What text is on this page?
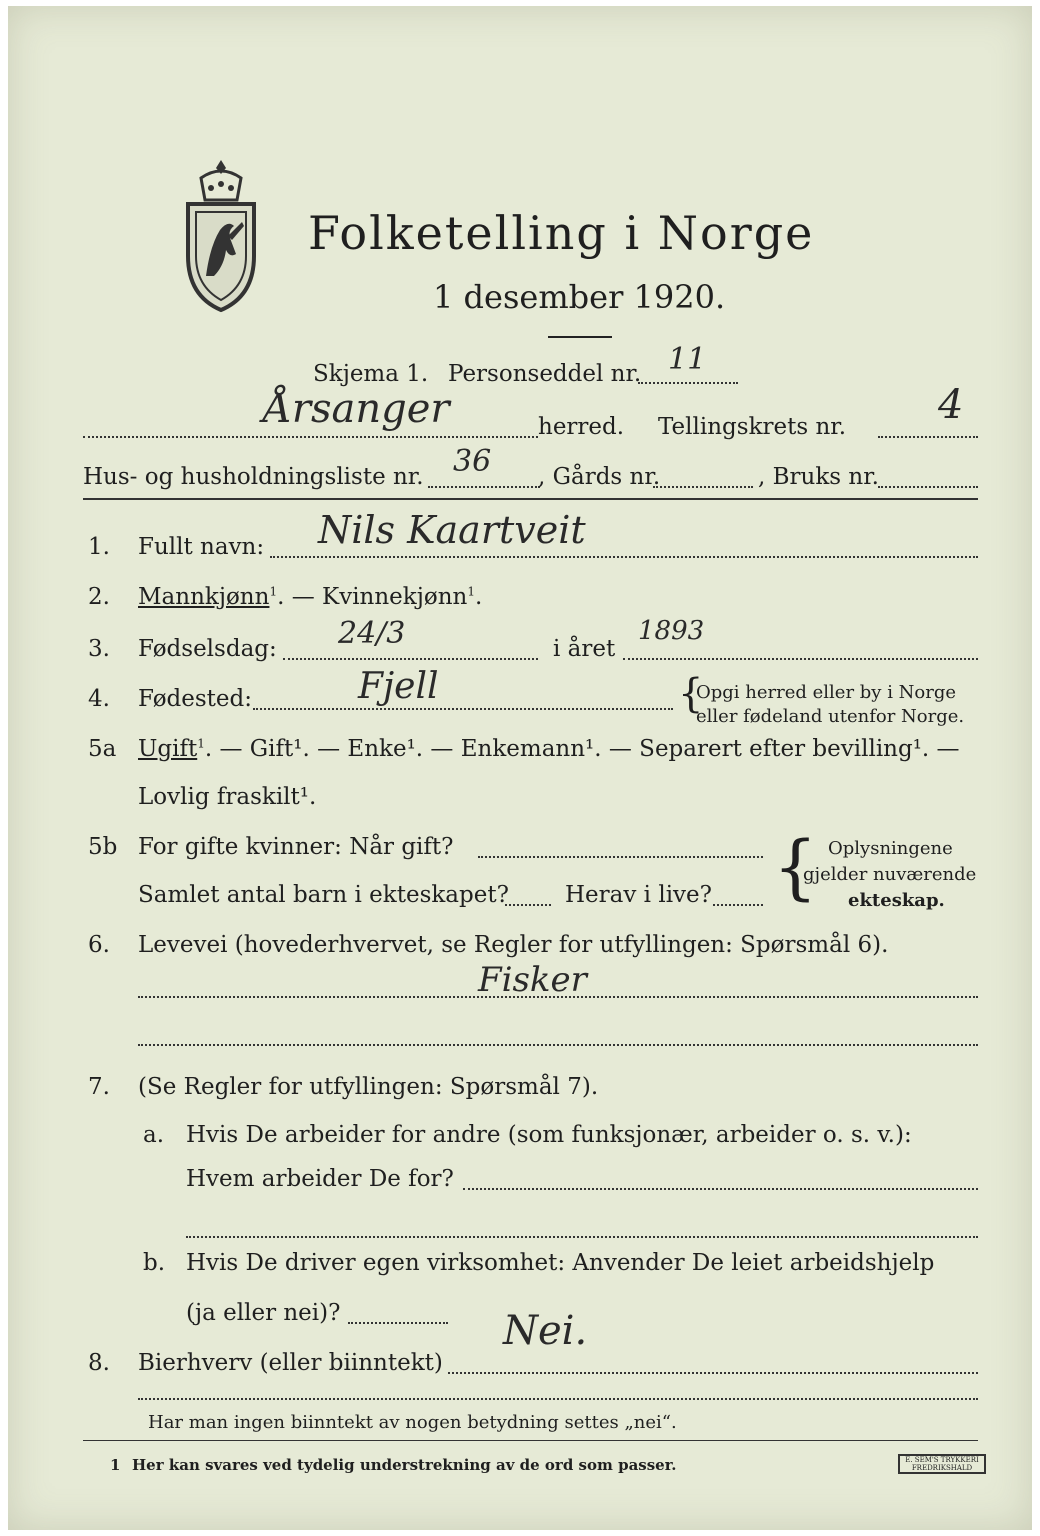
Folketelling i Norge
1 desember 1920.
Skjema 1. Personseddel nr. 11
Årsanger	herred. Tellingskrets nr. 4
Hus- og husholdningsliste nr. 36 , Gårds nr.	, Bruks nr.
1. Fullt navn: Nils Kaartveit
2. Mannkjønn$^1$. — Kvinnekjønn$^1$.
3. Fødselsdag: 24/3	i året
1893
4. Fødested:	Fjell	{
Opgi herred eller by i Norge
eller fødeland utenfor Norge.
5a Ugift$^1$. — Gift¹. — Enke¹. — Enkemann¹. — Separert efter bevilling¹. —
Lovlig fraskilt¹.
5b For gifte kvinner: Når gift?
Samlet antal barn i ekteskapet? Herav i live? { Oplysningene
gjelder nuværende
ekteskap.
6. Levevei (hovederhvervet, se Regler for utfyllingen: Spørsmål 6).
Fisker
7. (Se Regler for utfyllingen: Spørsmål 7).
a. Hvis De arbeider for andre (som funksjonær, arbeider o. s. v.):
Hvem arbeider De for?
b. Hvis De driver egen virksomhet: Anvender De leiet arbeidshjelp
(ja eller nei)?
8. Bierhverv (eller biinntekt)
Nei.
Har man ingen biinntekt av nogen betydning settes „nei“.
1 Her kan svares ved tydelig understrekning av de ord som passer.	E. SEM'S TRYKKERI FREDRIKSHALD
